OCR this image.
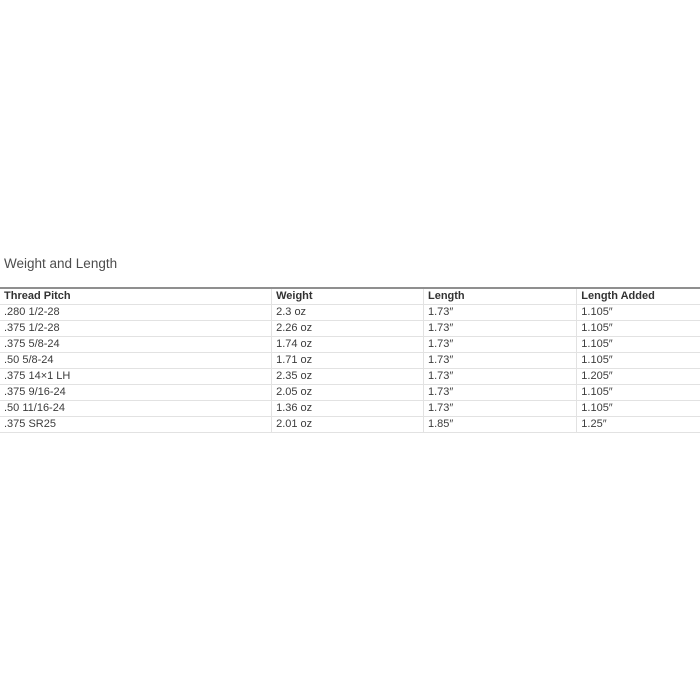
Weight and Length
Thread Pitch	Weight	Length	Length Added
.280 1/2-28	2.3 oz	1.73″	1.105″
.375 1/2-28	2.26 oz	1.73″	1.105″
.375 5/8-24	1.74 oz	1.73″	1.105″
.50 5/8-24	1.71 oz	1.73″	1.105″
.375 14×1 LH	2.35 oz	1.73″	1.205″
.375 9/16-24	2.05 oz	1.73″	1.105″
.50 11/16-24	1.36 oz	1.73″	1.105″
.375 SR25	2.01 oz	1.85″	1.25″
